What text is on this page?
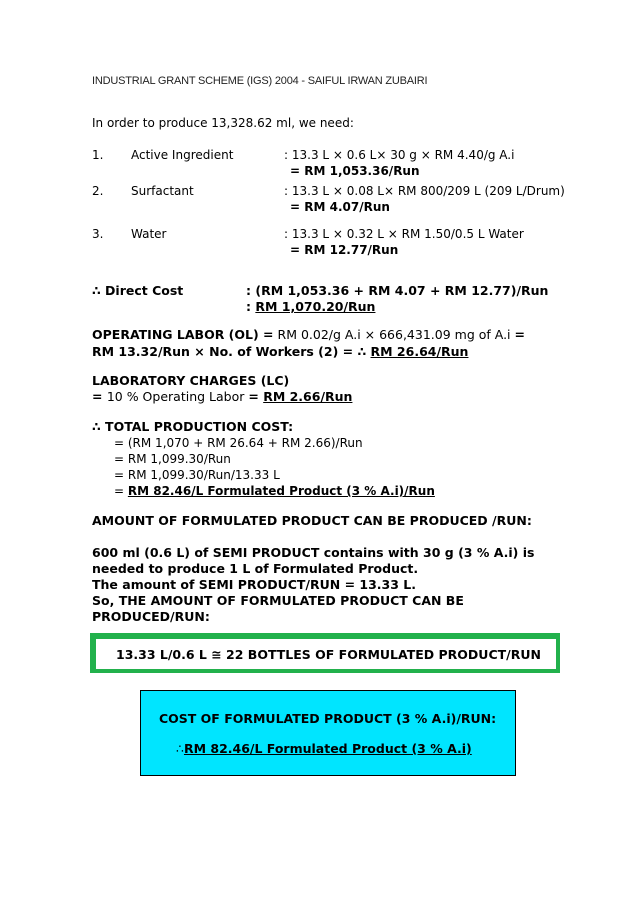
INDUSTRIAL GRANT SCHEME (IGS) 2004 - SAIFUL IRWAN ZUBAIRI
In order to produce 13,328.62 ml, we need:
1. Active Ingredient	: 13.3 L × 0.6 L× 30 g × RM 4.40/g A.i
= RM 1,053.36/Run
2. Surfactant	: 13.3 L × 0.08 L× RM 800/209 L (209 L/Drum)
= RM 4.07/Run
3. Water	: 13.3 L × 0.32 L × RM 1.50/0.5 L Water
= RM 12.77/Run
∴ Direct Cost	: (RM 1,053.36 + RM 4.07 + RM 12.77)/Run
: RM 1,070.20/Run
OPERATING LABOR (OL) = RM 0.02/g A.i × 666,431.09 mg of A.i =
RM 13.32/Run × No. of Workers (2) = ∴ RM 26.64/Run
LABORATORY CHARGES (LC)
= 10 % Operating Labor = RM 2.66/Run
∴ TOTAL PRODUCTION COST:
= (RM 1,070 + RM 26.64 + RM 2.66)/Run
= RM 1,099.30/Run
= RM 1,099.30/Run/13.33 L
= RM 82.46/L Formulated Product (3 % A.i)/Run
AMOUNT OF FORMULATED PRODUCT CAN BE PRODUCED /RUN:
600 ml (0.6 L) of SEMI PRODUCT contains with 30 g (3 % A.i) is
needed to produce 1 L of Formulated Product.
The amount of SEMI PRODUCT/RUN = 13.33 L.
So, THE AMOUNT OF FORMULATED PRODUCT CAN BE
PRODUCED/RUN:
13.33 L/0.6 L ≅ 22 BOTTLES OF FORMULATED PRODUCT/RUN
COST OF FORMULATED PRODUCT (3 % A.i)/RUN:
∴RM 82.46/L Formulated Product (3 % A.i)
